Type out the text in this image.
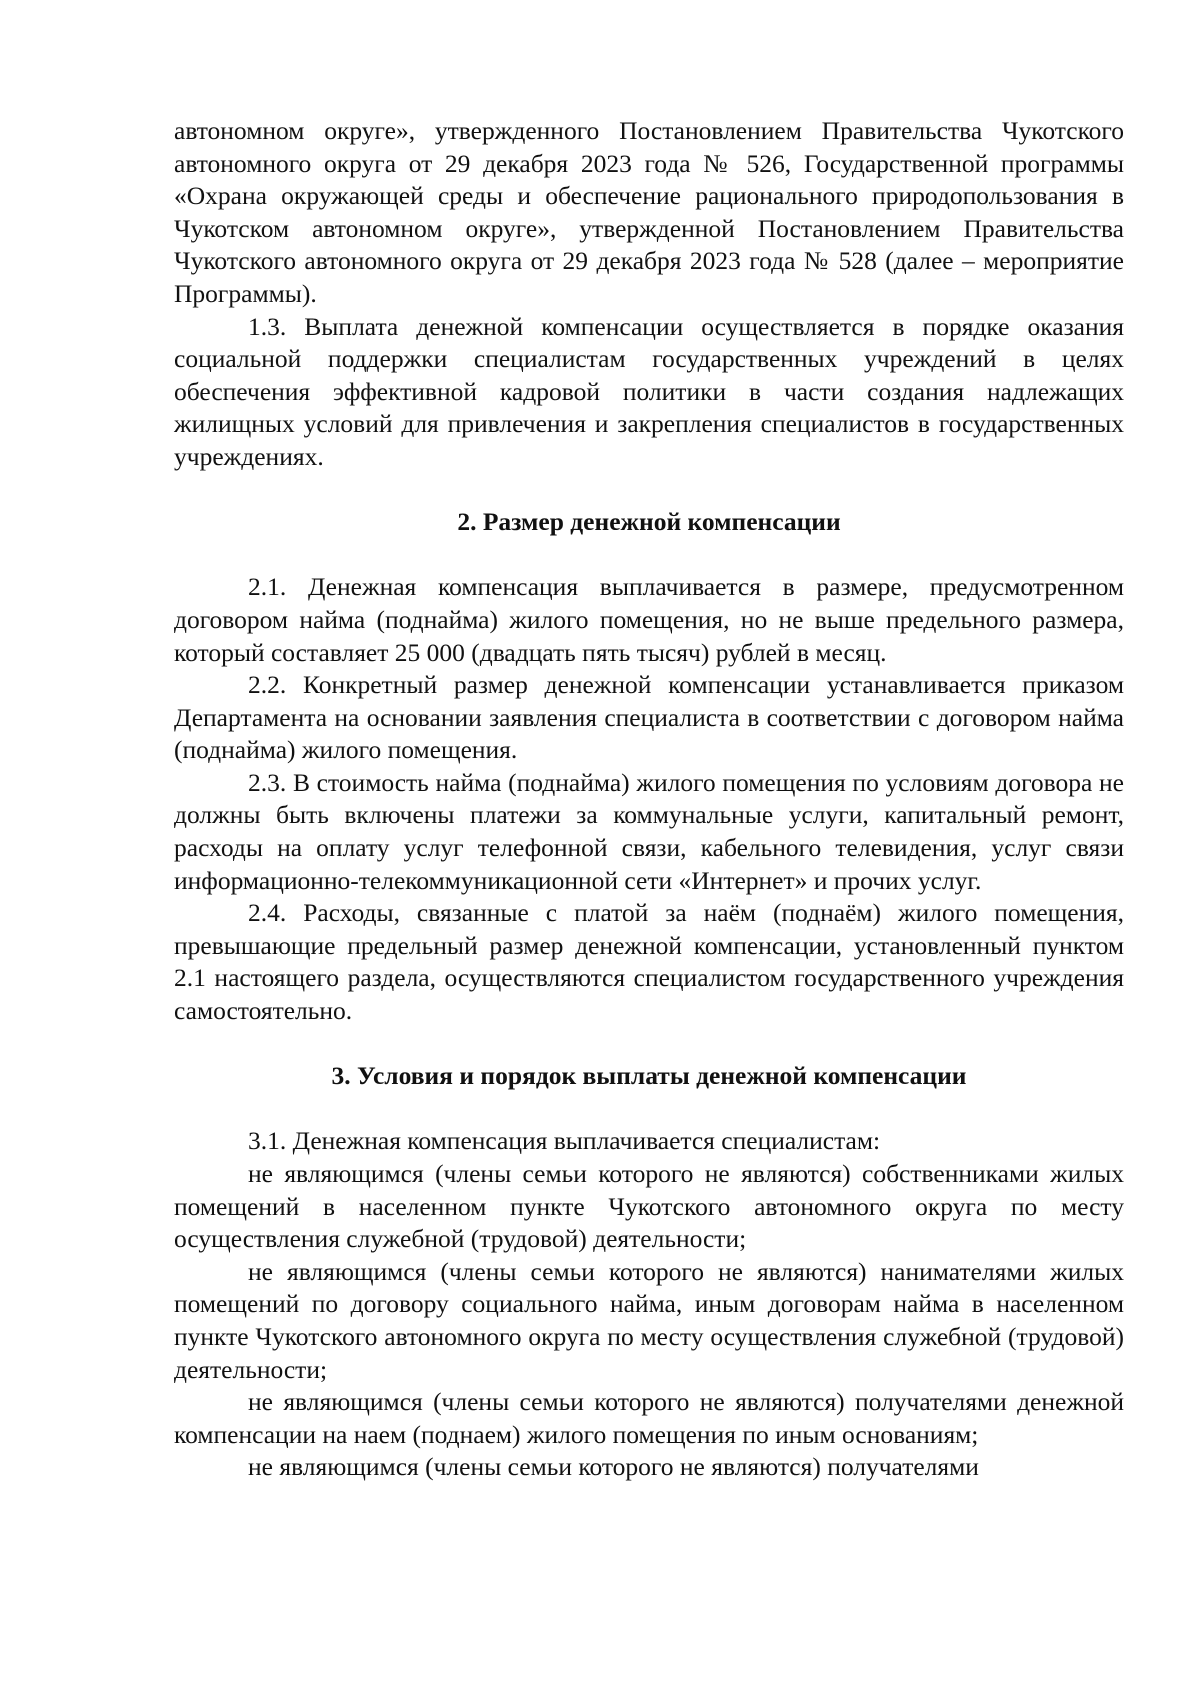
автономном округе», утвержденного Постановлением Правительства Чукотского автономного округа от 29 декабря 2023 года № 526, Государственной программы «Охрана окружающей среды и обеспечение рационального природопользования в Чукотском автономном округе», утвержденной Постановлением Правительства Чукотского автономного округа от 29 декабря 2023 года № 528 (далее – мероприятие Программы).

1.3. Выплата денежной компенсации осуществляется в порядке оказания социальной поддержки специалистам государственных учреждений в целях обеспечения эффективной кадровой политики в части создания надлежащих жилищных условий для привлечения и закрепления специалистов в государственных учреждениях.

2. Размер денежной компенсации

2.1. Денежная компенсация выплачивается в размере, предусмотренном договором найма (поднайма) жилого помещения, но не выше предельного размера, который составляет 25 000 (двадцать пять тысяч) рублей в месяц.

2.2. Конкретный размер денежной компенсации устанавливается приказом Департамента на основании заявления специалиста в соответствии с договором найма (поднайма) жилого помещения.

2.3. В стоимость найма (поднайма) жилого помещения по условиям договора не должны быть включены платежи за коммунальные услуги, капитальный ремонт, расходы на оплату услуг телефонной связи, кабельного телевидения, услуг связи информационно-телекоммуникационной сети «Интернет» и прочих услуг.

2.4. Расходы, связанные с платой за наём (поднаём) жилого помещения, превышающие предельный размер денежной компенсации, установленный пунктом 2.1 настоящего раздела, осуществляются специалистом государственного учреждения самостоятельно.

3. Условия и порядок выплаты денежной компенсации

3.1. Денежная компенсация выплачивается специалистам:

не являющимся (члены семьи которого не являются) собственниками жилых помещений в населенном пункте Чукотского автономного округа по месту осуществления служебной (трудовой) деятельности;

не являющимся (члены семьи которого не являются) нанимателями жилых помещений по договору социального найма, иным договорам найма в населенном пункте Чукотского автономного округа по месту осуществления служебной (трудовой) деятельности;

не являющимся (члены семьи которого не являются) получателями денежной компенсации на наем (поднаем) жилого помещения по иным основаниям;

не являющимся (члены семьи которого не являются) получателями
